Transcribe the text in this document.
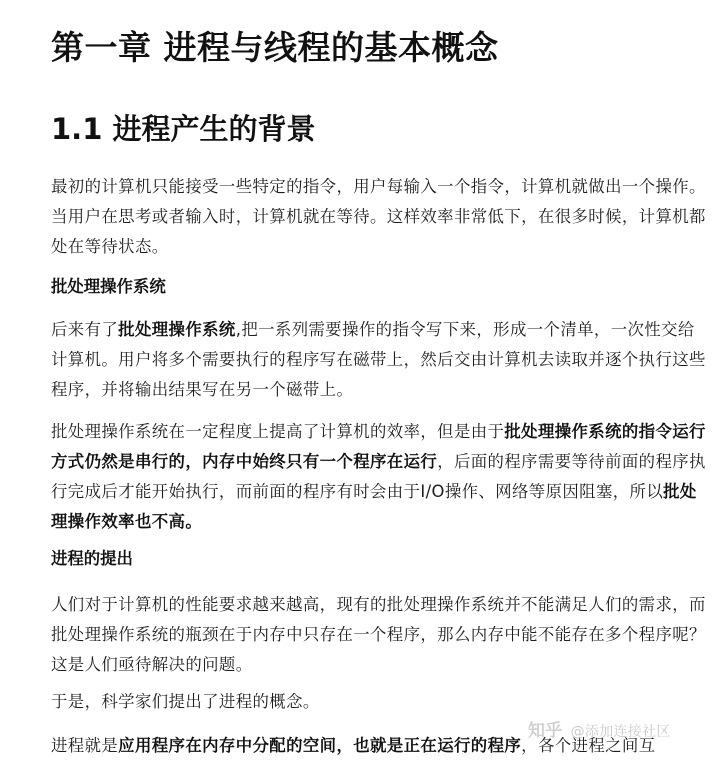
第一章 进程与线程的基本概念
1.1 进程产生的背景

最初的计算机只能接受一些特定的指令，用户每输入一个指令，计算机就做出一个操作。当用户在思考或者输入时，计算机就在等待。这样效率非常低下，在很多时候，计算机都处在等待状态。

批处理操作系统

后来有了批处理操作系统,把一系列需要操作的指令写下来，形成一个清单，一次性交给计算机。用户将多个需要执行的程序写在磁带上，然后交由计算机去读取并逐个执行这些程序，并将输出结果写在另一个磁带上。

批处理操作系统在一定程度上提高了计算机的效率，但是由于批处理操作系统的指令运行方式仍然是串行的，内存中始终只有一个程序在运行，后面的程序需要等待前面的程序执行完成后才能开始执行，而前面的程序有时会由于I/O操作、网络等原因阻塞，所以批处理操作效率也不高。

进程的提出

人们对于计算机的性能要求越来越高，现有的批处理操作系统并不能满足人们的需求，而批处理操作系统的瓶颈在于内存中只存在一个程序，那么内存中能不能存在多个程序呢？这是人们亟待解决的问题。

于是，科学家们提出了进程的概念。

进程就是应用程序在内存中分配的空间，也就是正在运行的程序，各个进程之间互

知乎 @添加连接社区
